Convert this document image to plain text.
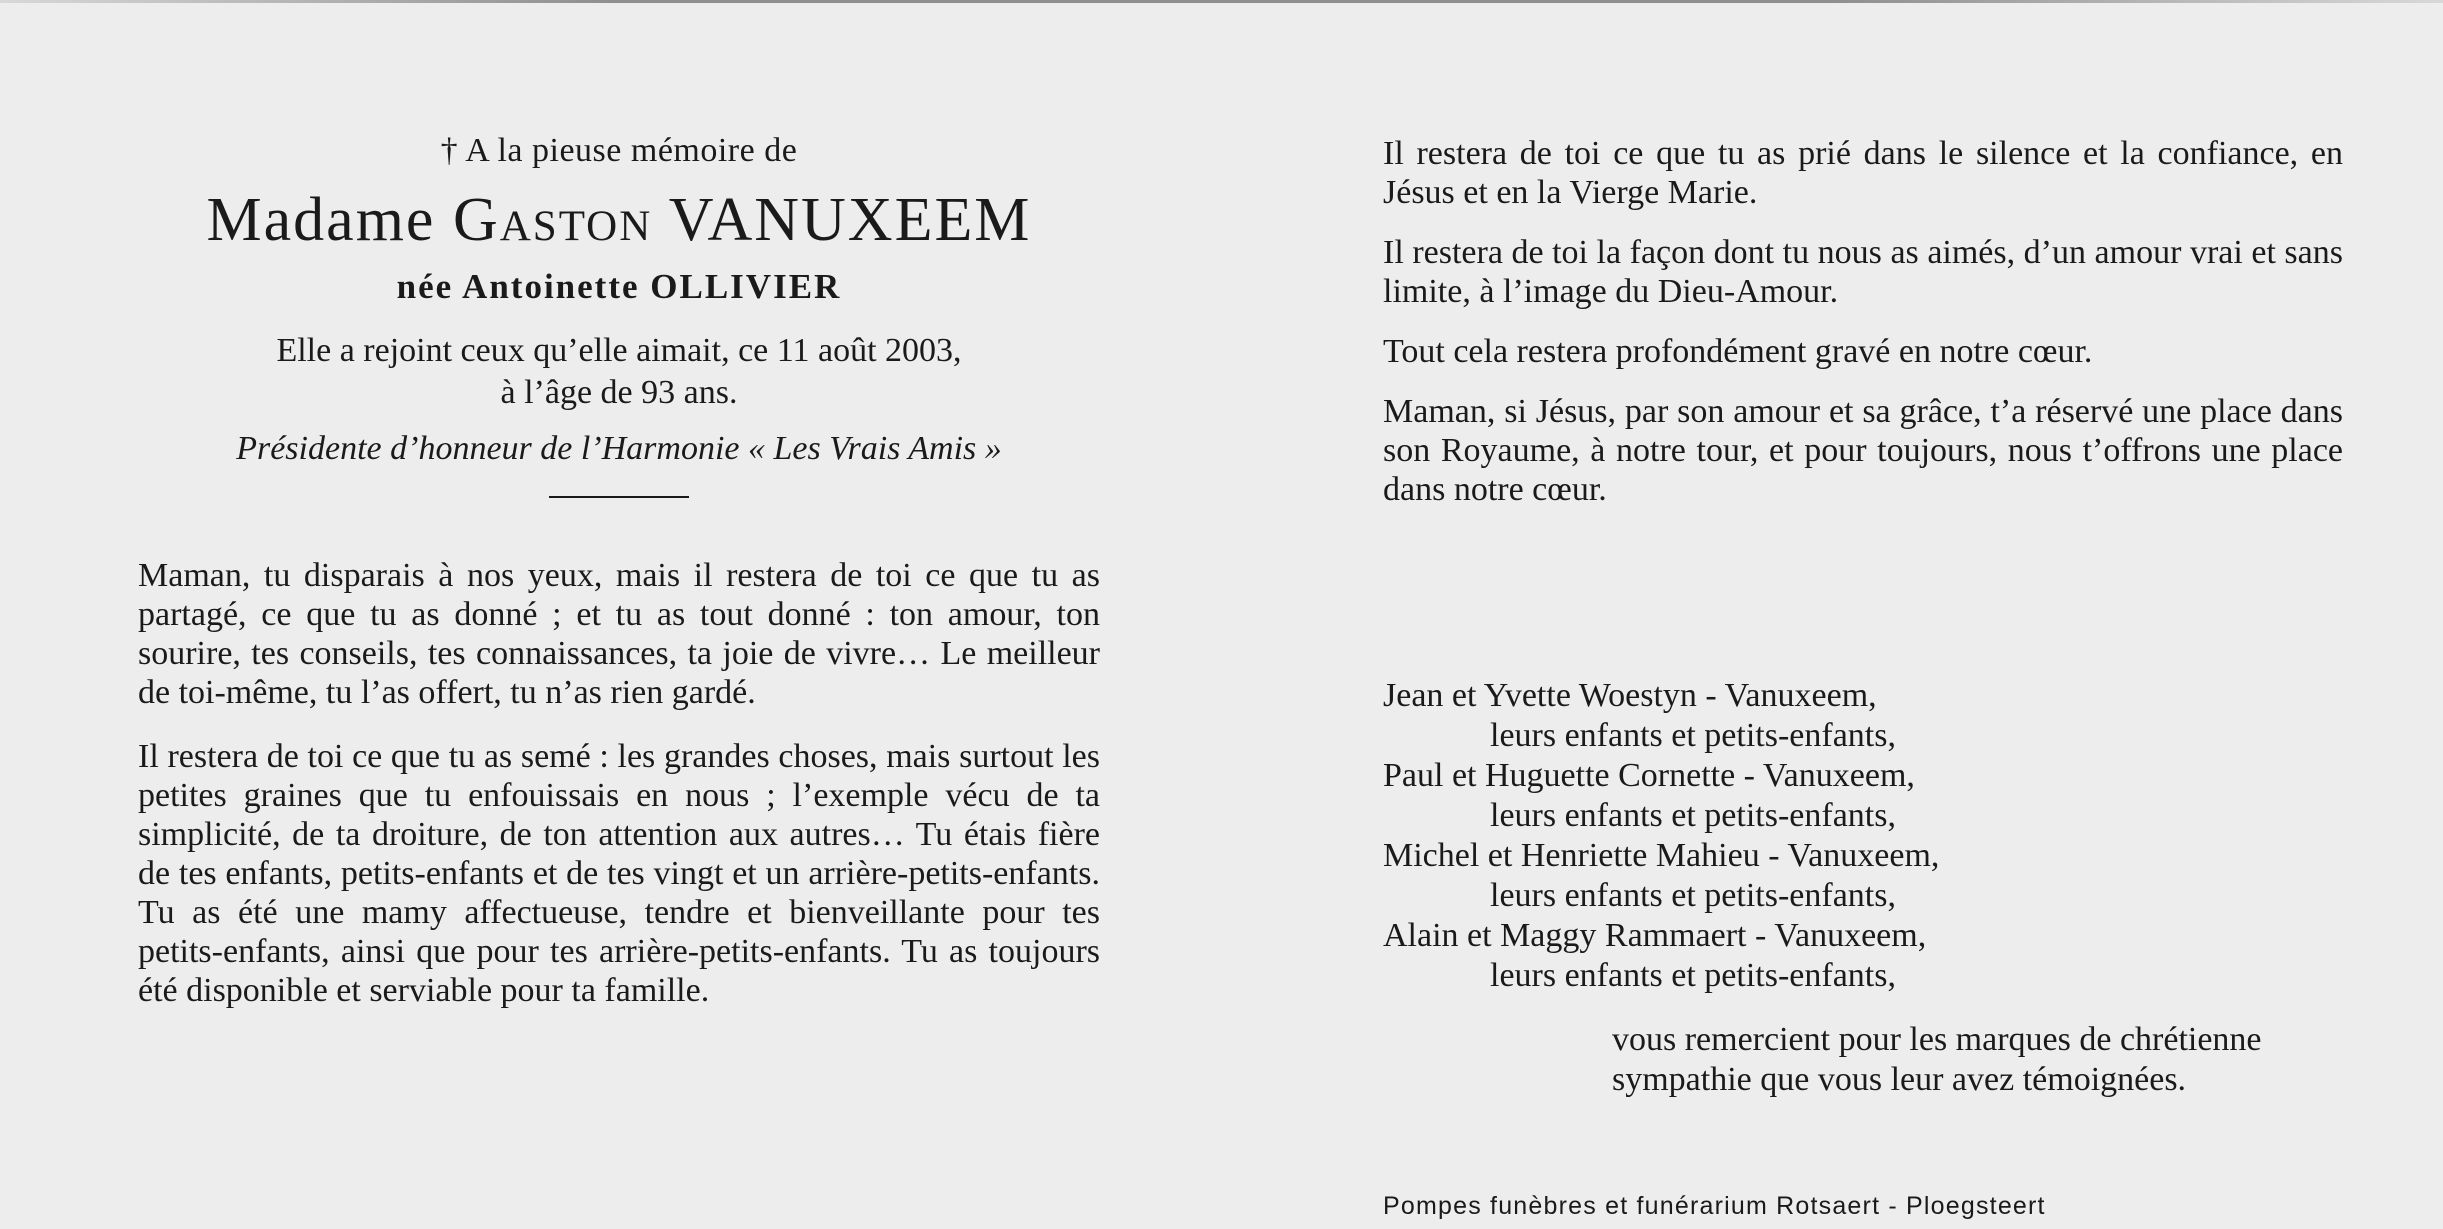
† A la pieuse mémoire de
Madame Gaston VANUXEEM
née Antoinette OLLIVIER
Elle a rejoint ceux qu’elle aimait, ce 11 août 2003,
à l’âge de 93 ans.
Présidente d’honneur de l’Harmonie « Les Vrais Amis »

Maman, tu disparais à nos yeux, mais il restera de toi ce que tu as partagé, ce que tu as donné ; et tu as tout donné : ton amour, ton sourire, tes conseils, tes connaissances, ta joie de vivre… Le meilleur de toi-même, tu l’as offert, tu n’as rien gardé.

Il restera de toi ce que tu as semé : les grandes choses, mais surtout les petites graines que tu enfouissais en nous ; l’exemple vécu de ta simplicité, de ta droiture, de ton attention aux autres… Tu étais fière de tes enfants, petits-enfants et de tes vingt et un arrière-petits-enfants. Tu as été une mamy affectueuse, tendre et bienveillante pour tes petits-enfants, ainsi que pour tes arrière-petits-enfants. Tu as toujours été disponible et serviable pour ta famille.

Il restera de toi ce que tu as prié dans le silence et la confiance, en Jésus et en la Vierge Marie.

Il restera de toi la façon dont tu nous as aimés, d’un amour vrai et sans limite, à l’image du Dieu-Amour.

Tout cela restera profondément gravé en notre cœur.

Maman, si Jésus, par son amour et sa grâce, t’a réservé une place dans son Royaume, à notre tour, et pour toujours, nous t’offrons une place dans notre cœur.

Jean et Yvette Woestyn - Vanuxeem,
leurs enfants et petits-enfants,
Paul et Huguette Cornette - Vanuxeem,
leurs enfants et petits-enfants,
Michel et Henriette Mahieu - Vanuxeem,
leurs enfants et petits-enfants,
Alain et Maggy Rammaert - Vanuxeem,
leurs enfants et petits-enfants,
vous remercient pour les marques de chrétienne sympathie que vous leur avez témoignées.
Pompes funèbres et funérarium Rotsaert - Ploegsteert
